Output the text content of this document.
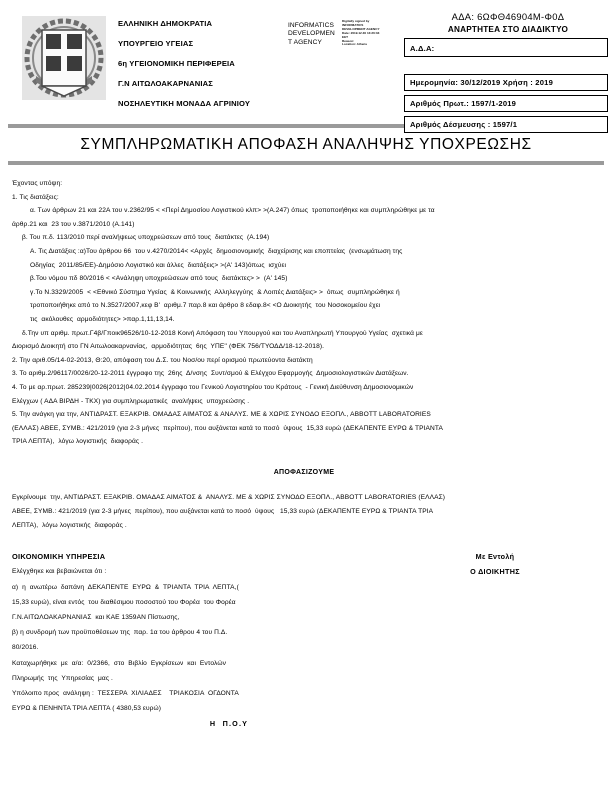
ΕΛΛΗΝΙΚΗ ΔΗΜΟΚΡΑΤΙΑ
ΥΠΟΥΡΓΕΙΟ ΥΓΕΙΑΣ
6η ΥΓΕΙΟΝΟΜΙΚΗ ΠΕΡΙΦΕΡΕΙΑ
Γ.Ν ΑΙΤΩΛΟΑΚΑΡΝΑΝΙΑΣ
ΝΟΣΗΛΕΥΤΙΚΗ ΜΟΝΑΔΑ ΑΓΡΙΝΙΟΥ
INFORMATICS
DEVELOPMEN
T AGENCY
Digitally signed by
INFORMATICS
DEVELOPMENT AGENCY
Date: 2019.12.30 13:26:33
EET
Reason:
Location: Athens
ΑΔΑ: 6ΩΦΘ46904Μ-Φ0Δ
ΑΝΑΡΤΗΤΕΑ ΣΤΟ ΔΙΑΔΙΚΤΥΟ
Α.Δ.Α:
Ημερομηνία: 30/12/2019 Χρήση : 2019
Αριθμός Πρωτ.: 1597/1-2019
Αριθμός Δέσμευσης : 1597/1
ΣΥΜΠΛΗΡΩΜΑΤΙΚΗ ΑΠΟΦΑΣΗ ΑΝΑΛΗΨΗΣ ΥΠΟΧΡΕΩΣΗΣ

Έχοντας υπόψη:

1. Τις διατάξεις:

α. Των άρθρων 21 και 22Α του ν.2362/95 < <Περί Δημοσίου Λογιστικού κλπ> >(Α.247) όπως  τροποποιήθηκε και συμπληρώθηκε με τα

άρθρ.21 και  23 του ν.3871/2010 (Α.141)

β. Του π.δ. 113/2010 περί αναλήψεως υποχρεώσεων από τους  διατάκτες  (Α.194)

Α. Τις Διατάξεις :α)Του άρθρου 66  του ν.4270/2014< <Αρχές  δημοσιονομικής  διαχείρισης και εποπτείας  (ενσωμάτωση της

Οδηγίας  2011/85/ΕΕ)-Δημόσιο Λογιστικό και άλλες  διατάξεις> >(Α' 143)όπως  ισχύει

β.Του νόμου πδ 80/2016 < <Ανάληψη υποχρεώσεων από τους  διατάκτες> >  (Α' 145)

γ.Το Ν.3329/2005  < <Εθνικό Σύστημα Υγείας  & Κοινωνικής  Αλληλεγγύης  & Λοιπές Διατάξεις> >  όπως  συμπληρώθηκε ή

τροποποιήθηκε από το Ν.3527/2007,κεφ Β'  αριθμ.7 παρ.8 και άρθρο 8 εδαφ.8< <Ο Διοικητής  του Νοσοκομείου έχει

τις  ακόλουθες  αρμοδιότητες> >παρ.1,11,13,14.

δ.Την υπ αριθμ. πρωτ.Γ4β/Γποικ96526/10-12-2018 Κοινή Απόφαση του Υπουργού και του Αναπληρωτή Υπουργού Υγείας  σχετικά με

Διορισμό Διοικητή στο ΓΝ Αιτωλοακαρνανίας,  αρμοδιότητας  6ης  ΥΠΕ'' (ΦΕΚ 756/ΤΥΟΔΔ/18-12-2018).

2. Την αριθ.05/14-02-2013, Θ:20, απόφαση του Δ.Σ. του Νοσ/ου περί ορισμού πρωτεύοντα διατάκτη

3. Το αριθμ.2/96117/0026/20-12-2011 έγγραφο της  26ης  Δ/νσης  Συντ/σμού & Ελέγχου Εφαρμογής  Δημοσιολογιστικών Διατάξεων.

4. Το με αρ.πρωτ. 285239|0026|2012|04.02.2014 έγγραφο του Γενικού Λογιστηρίου του Κράτους  - Γενική Διεύθυνση Δημοσιονομικών

Ελέγχων ( ΑΔΑ ΒΙΡΔΗ - ΤΚΧ) για συμπληρωματικές  αναλήψεις  υποχρεώσης .

5. Την ανάγκη για την, ΑΝΤΙΔΡΑΣΤ. ΕΞΑΚΡΙΒ. ΟΜΑΔΑΣ ΑΙΜΑΤΟΣ & ΑΝΑΛΥΣ. ΜΕ & ΧΩΡΙΣ ΣΥΝΟΔΟ ΕΞΟΠΛ., ΑΒΒΟΤΤ LABORATORIES

(ΕΛΛΑΣ) ΑΒΕΕ, ΣΥΜΒ.: 421/2019 (για 2-3 μήνες  περίπου), που αυξάνεται κατά το ποσό  ύψους  15,33 ευρώ (ΔΕΚΑΠΕΝΤΕ ΕΥΡΩ & ΤΡΙΑΝΤΑ

ΤΡΙΑ ΛΕΠΤΑ),  λόγω λογιστικής  διαφοράς .

ΑΠΟΦΑΣΙΖΟΥΜΕ

Εγκρίνουμε  την, ΑΝΤΙΔΡΑΣΤ. ΕΞΑΚΡΙΒ. ΟΜΑΔΑΣ ΑΙΜΑΤΟΣ &  ΑΝΑΛΥΣ. ΜΕ & ΧΩΡΙΣ ΣΥΝΟΔΟ ΕΞΟΠΛ., ΑΒΒΟΤΤ LABORATORIES (ΕΛΛΑΣ)

ΑΒΕΕ, ΣΥΜΒ.: 421/2019 (για 2-3 μήνες  περίπου), που αυξάνεται κατά το ποσό  ύψους   15,33 ευρώ (ΔΕΚΑΠΕΝΤΕ ΕΥΡΩ & ΤΡΙΑΝΤΑ ΤΡΙΑ

ΛΕΠΤΑ),  λόγω λογιστικής  διαφοράς .

Με Εντολή
Ο ΔΙΟΙΚΗΤΗΣ

ΟΙΚΟΝΟΜΙΚΗ ΥΠΗΡΕΣΙΑ

Ελέγχθηκε και βεβαιώνεται ότι :

α)  η  ανωτέρω  δαπάνη  ΔΕΚΑΠΕΝΤΕ  ΕΥΡΩ  &  ΤΡΙΑΝΤΑ  ΤΡΙΑ  ΛΕΠΤΑ,(

15,33 ευρώ), είναι εντός  του διαθέσιμου ποσοστού του Φορέα  του Φορέα

Γ.Ν.ΑΙΤΩΛΟΑΚΑΡΝΑΝΙΑΣ  και ΚΑΕ 1359ΑΝ Πίστωσης,

β) η συνδρομή των προϋποθέσεων της  παρ. 1α του άρθρου 4 του Π.Δ.

80/2016.

Καταχωρήθηκε  με  α/α:  0/2366,  στο  Βιβλίο  Εγκρίσεων  και  Εντολών

Πληρωμής  της  Υπηρεσίας  μας .

Υπόλοιπο προς  ανάληψη :  ΤΕΣΣΕΡΑ  ΧΙΛΙΑΔΕΣ    ΤΡΙΑΚΟΣΙΑ  ΟΓΔΟΝΤΑ

ΕΥΡΩ & ΠΕΝΗΝΤΑ ΤΡΙΑ ΛΕΠΤΑ ( 4380,53 ευρώ)

Η  Π.Ο.Υ
